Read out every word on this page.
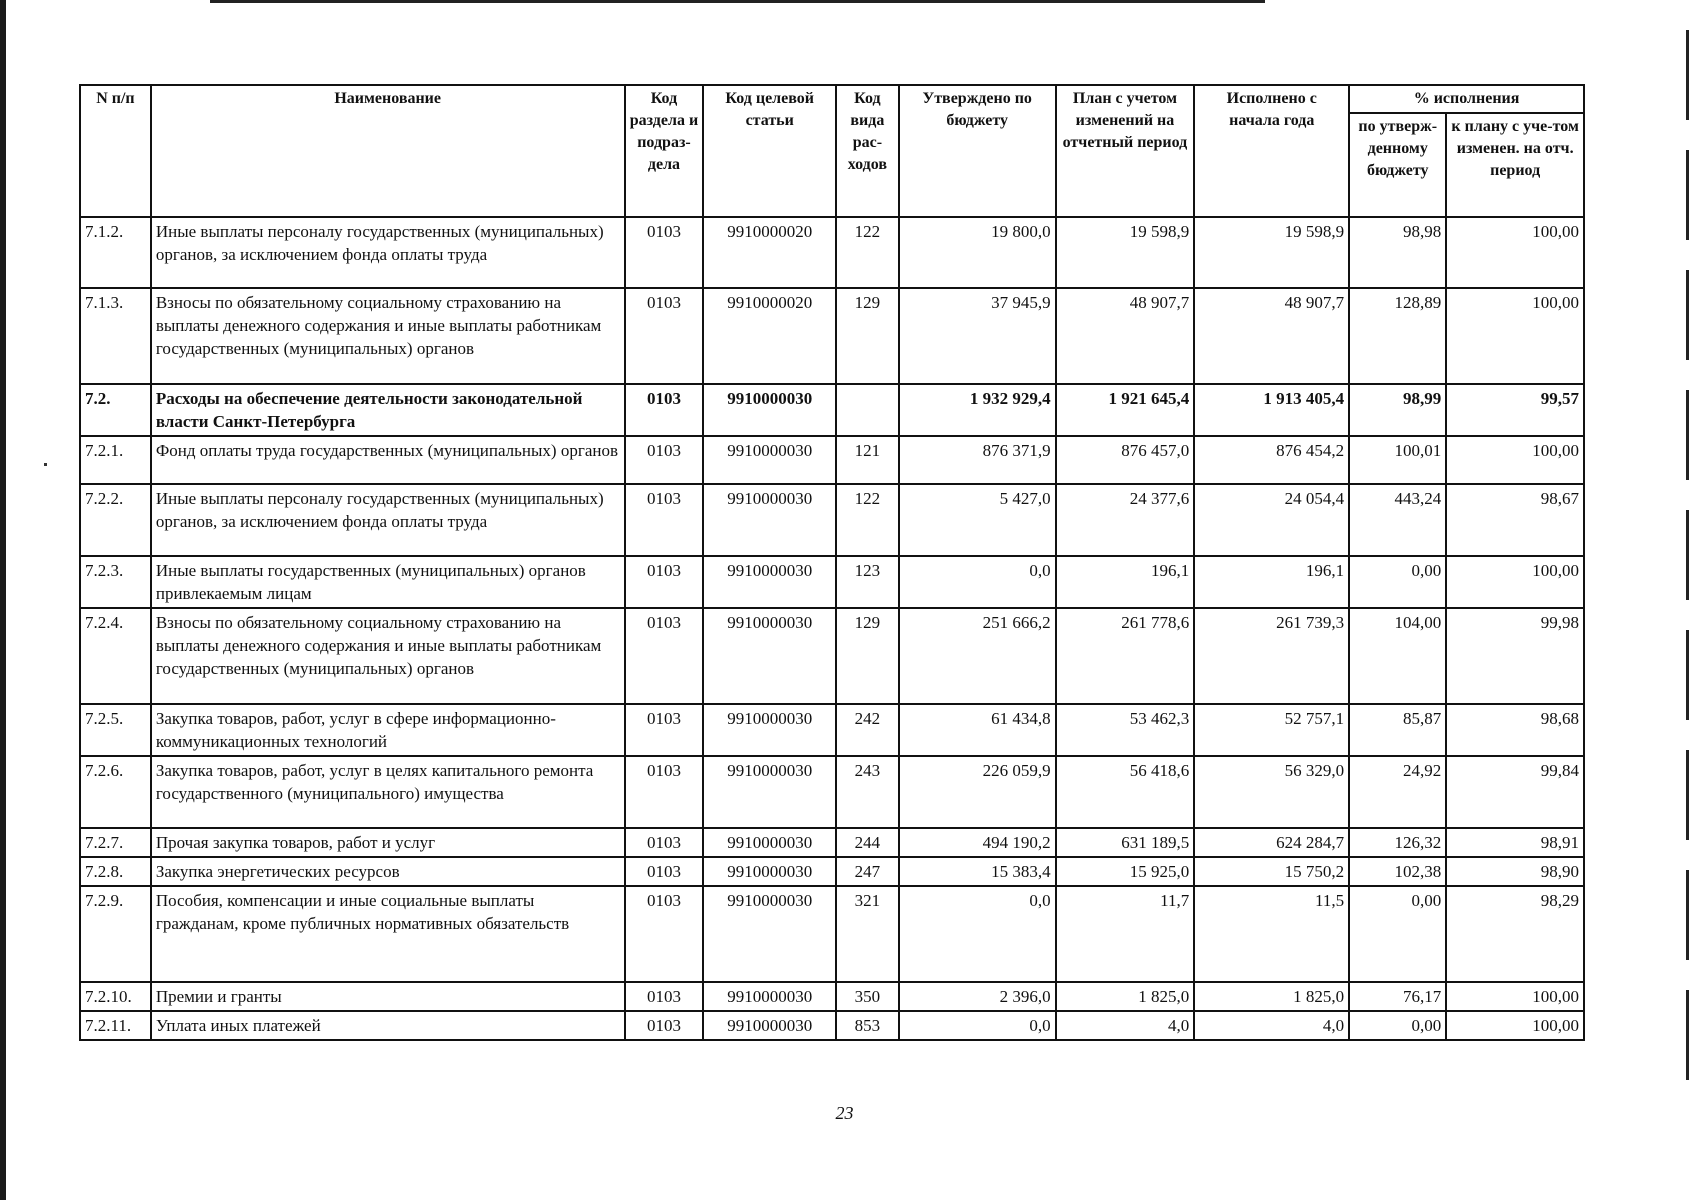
N п/п	Наименование	Код раздела и подраз-дела	Код целевой статьи	Код вида рас-ходов	Утверждено по бюджету	План с учетом изменений на отчетный период	Исполнено с начала года	% исполнения	
								по утверж-денному бюджету	к плану с уче-том изменен. на отч. период
7.1.2.	Иные выплаты персоналу государственных (муниципальных) органов, за исключением фонда оплаты труда	0103	9910000020	122	19 800,0	19 598,9	19 598,9	98,98	100,00
7.1.3.	Взносы по обязательному социальному страхованию на выплаты денежного содержания и иные выплаты работникам государственных (муниципальных) органов	0103	9910000020	129	37 945,9	48 907,7	48 907,7	128,89	100,00
7.2.	Расходы на обеспечение деятельности законодательной власти Санкт-Петербурга	0103	9910000030		1 932 929,4	1 921 645,4	1 913 405,4	98,99	99,57
7.2.1.	Фонд оплаты труда государственных (муниципальных) органов	0103	9910000030	121	876 371,9	876 457,0	876 454,2	100,01	100,00
7.2.2.	Иные выплаты персоналу государственных (муниципальных) органов, за исключением фонда оплаты труда	0103	9910000030	122	5 427,0	24 377,6	24 054,4	443,24	98,67
7.2.3.	Иные выплаты государственных (муниципальных) органов привлекаемым лицам	0103	9910000030	123	0,0	196,1	196,1	0,00	100,00
7.2.4.	Взносы по обязательному социальному страхованию на выплаты денежного содержания и иные выплаты работникам государственных (муниципальных) органов	0103	9910000030	129	251 666,2	261 778,6	261 739,3	104,00	99,98
7.2.5.	Закупка товаров, работ, услуг в сфере информационно-коммуникационных технологий	0103	9910000030	242	61 434,8	53 462,3	52 757,1	85,87	98,68
7.2.6.	Закупка товаров, работ, услуг в целях капитального ремонта государственного (муниципального) имущества	0103	9910000030	243	226 059,9	56 418,6	56 329,0	24,92	99,84
7.2.7.	Прочая закупка товаров, работ и услуг	0103	9910000030	244	494 190,2	631 189,5	624 284,7	126,32	98,91
7.2.8.	Закупка энергетических ресурсов	0103	9910000030	247	15 383,4	15 925,0	15 750,2	102,38	98,90
7.2.9.	Пособия, компенсации и иные социальные выплаты гражданам, кроме публичных нормативных обязательств	0103	9910000030	321	0,0	11,7	11,5	0,00	98,29
7.2.10.	Премии и гранты	0103	9910000030	350	2 396,0	1 825,0	1 825,0	76,17	100,00
7.2.11.	Уплата иных платежей	0103	9910000030	853	0,0	4,0	4,0	0,00	100,00
23
